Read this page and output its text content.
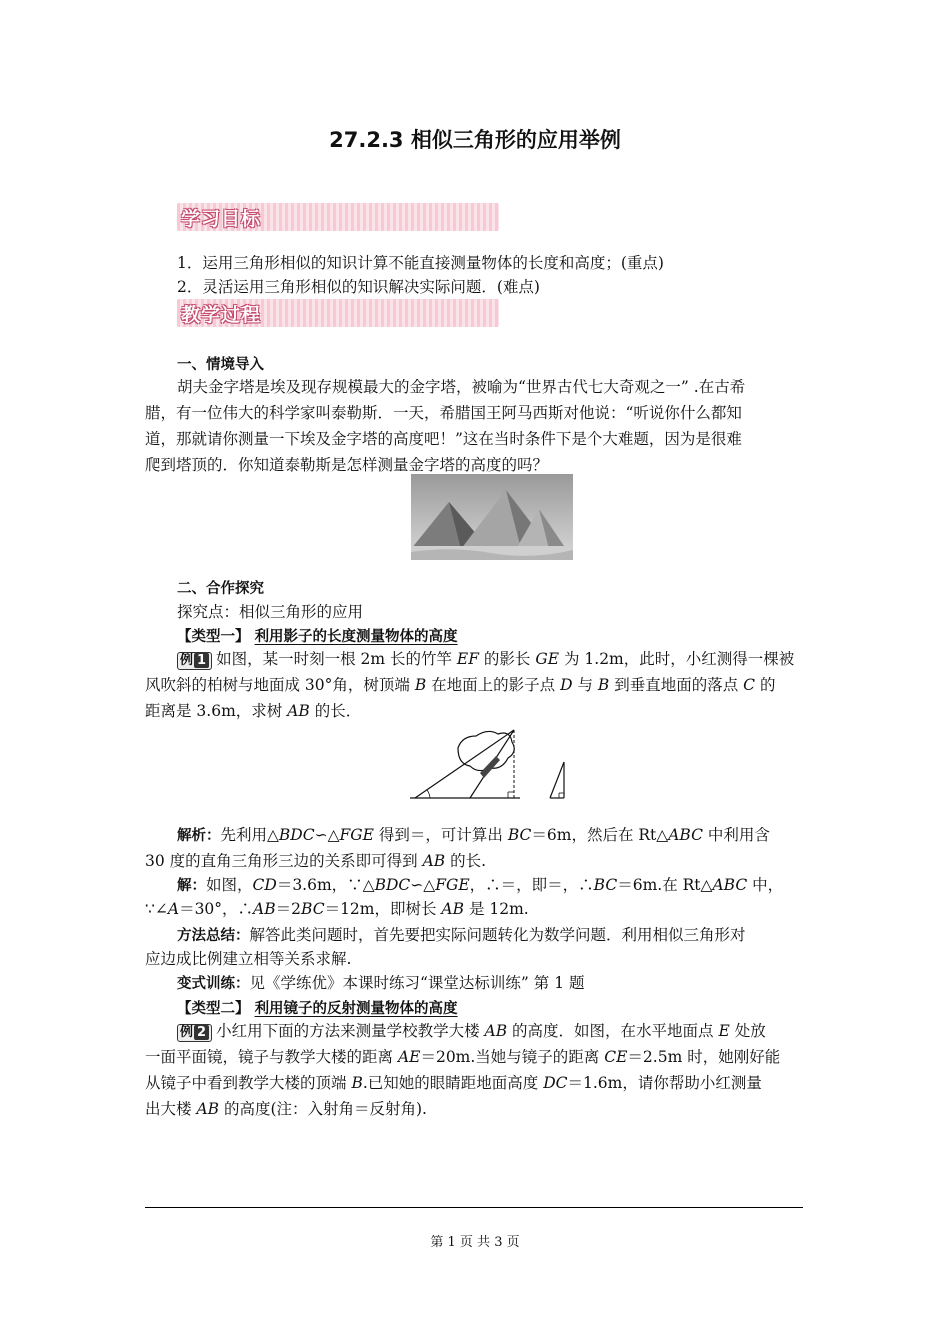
27.2.3 相似三角形的应用举例
学习目标
1．运用三角形相似的知识计算不能直接测量物体的长度和高度；(重点)
2．灵活运用三角形相似的知识解决实际问题．(难点)
教学过程
一、情境导入
胡夫金字塔是埃及现存规模最大的金字塔，被喻为“世界古代七大奇观之一” .在古希
腊，有一位伟大的科学家叫泰勒斯．一天，希腊国王阿马西斯对他说：“听说你什么都知
道，那就请你测量一下埃及金字塔的高度吧！”这在当时条件下是个大难题，因为是很难
爬到塔顶的．你知道泰勒斯是怎样测量金字塔的高度的吗？
二、合作探究
探究点：相似三角形的应用
【类型一】 利用影子的长度测量物体的高度
例 1 如图，某一时刻一根 2m 长的竹竿 EF 的影长 GE 为 1.2m，此时，小红测得一棵被
风吹斜的柏树与地面成 30°角，树顶端 B 在地面上的影子点 D 与 B 到垂直地面的落点 C 的
距离是 3.6m，求树 AB 的长．
解析：先利用△BDC∽△FGE 得到＝，可计算出 BC＝6m，然后在 Rt△ABC 中利用含
30 度的直角三角形三边的关系即可得到 AB 的长.
解：如图，CD＝3.6m，∵△BDC∽△FGE，∴＝，即＝，∴BC＝6m.在 Rt△ABC 中，
∵∠A＝30°，∴AB＝2BC＝12m，即树长 AB 是 12m.
方法总结：解答此类问题时，首先要把实际问题转化为数学问题．利用相似三角形对
应边成比例建立相等关系求解.
变式训练：见《学练优》本课时练习“课堂达标训练” 第 1 题
【类型二】 利用镜子的反射测量物体的高度
例 2 小红用下面的方法来测量学校教学大楼 AB 的高度．如图，在水平地面点 E 处放
一面平面镜，镜子与教学大楼的距离 AE＝20m.当她与镜子的距离 CE＝2.5m 时，她刚好能
从镜子中看到教学大楼的顶端 B.已知她的眼睛距地面高度 DC＝1.6m，请你帮助小红测量
出大楼 AB 的高度(注：入射角＝反射角).
第 1 页 共 3 页
